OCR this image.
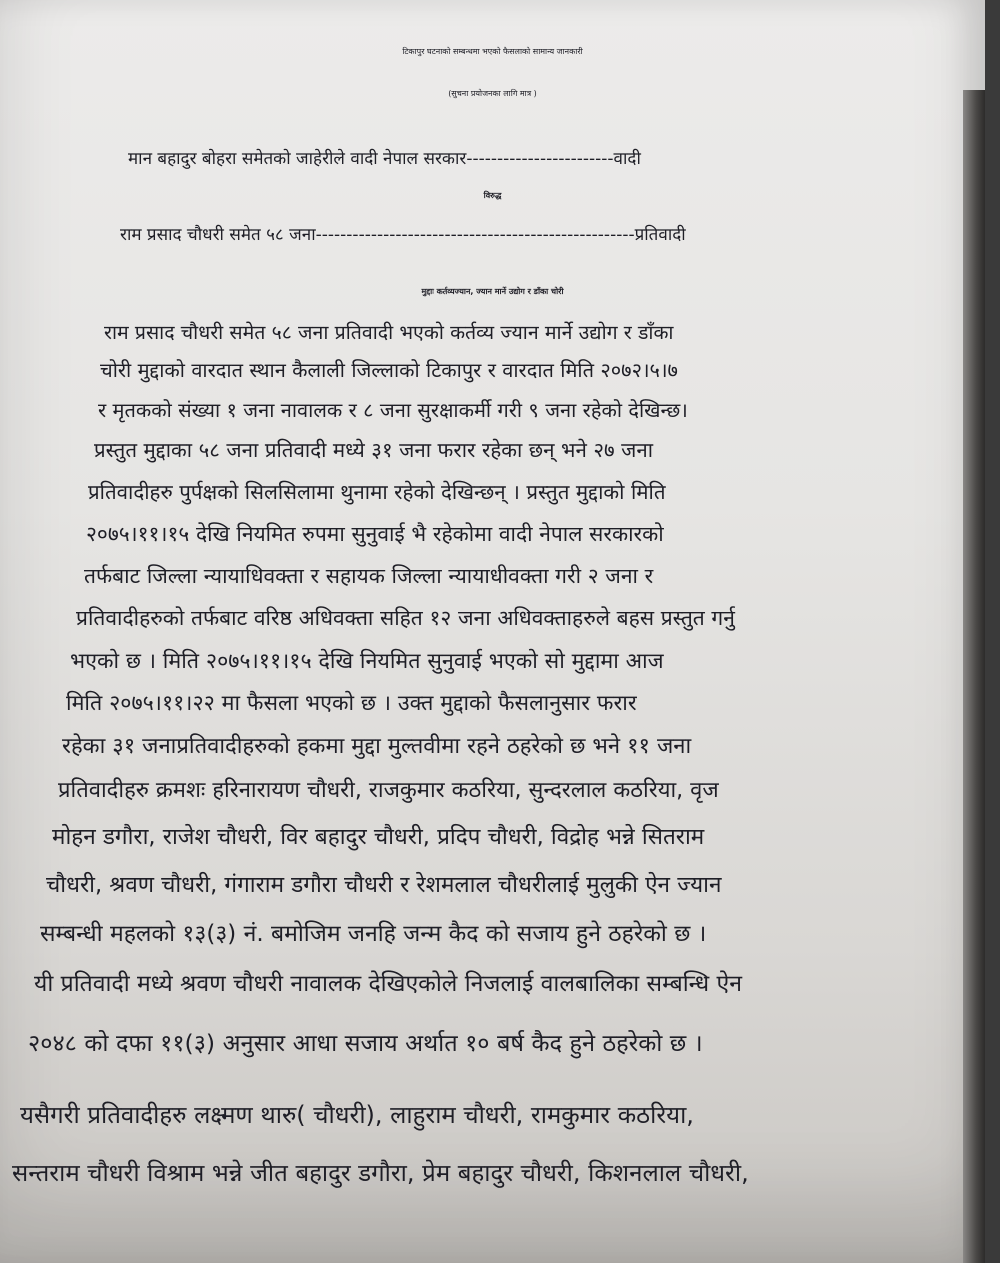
टिकापुर घटनाको सम्बन्धमा भएको फैसलाको सामान्य जानकारी
(सुचना प्रयोजनका लागि मात्र )
मान बहादुर बोहरा समेतको जाहेरीले वादी नेपाल सरकार------------------------वादी
विरुद्ध
राम प्रसाद चौधरी समेत ५८ जना----------------------------------------------------प्रतिवादी
मुद्दाः कर्तव्यज्यान, ज्यान मार्ने उद्योग र डाँका चोरी
राम प्रसाद चौधरी समेत ५८ जना प्रतिवादी भएको कर्तव्य ज्यान मार्ने उद्योग र डाँका
चोरी मुद्दाको वारदात स्थान कैलाली जिल्लाको टिकापुर र वारदात मिति २०७२।५।७
र मृतकको संख्या १ जना नावालक र ८ जना सुरक्षाकर्मी गरी ९ जना रहेको देखिन्छ।
प्रस्तुत मुद्दाका ५८ जना प्रतिवादी मध्ये ३१ जना फरार रहेका छन् भने २७ जना
प्रतिवादीहरु पुर्पक्षको सिलसिलामा थुनामा रहेको देखिन्छन् । प्रस्तुत मुद्दाको मिति
२०७५।११।१५ देखि नियमित रुपमा सुनुवाई भै रहेकोमा वादी नेपाल सरकारको
तर्फबाट जिल्ला न्यायाधिवक्ता र सहायक जिल्ला न्यायाधीवक्ता गरी २ जना र
प्रतिवादीहरुको तर्फबाट वरिष्ठ अधिवक्ता सहित १२ जना अधिवक्ताहरुले बहस प्रस्तुत गर्नु
भएको छ । मिति २०७५।११।१५ देखि नियमित सुनुवाई भएको सो मुद्दामा आज
मिति २०७५।११।२२ मा फैसला भएको छ । उक्त मुद्दाको फैसलानुसार फरार
रहेका ३१ जनाप्रतिवादीहरुको हकमा मुद्दा मुल्तवीमा रहने ठहरेको छ भने ११ जना
प्रतिवादीहरु क्रमशः हरिनारायण चौधरी, राजकुमार कठरिया, सुन्दरलाल कठरिया, वृज
मोहन डगौरा, राजेश चौधरी, विर बहादुर चौधरी, प्रदिप चौधरी, विद्रोह भन्ने सितराम
चौधरी, श्रवण चौधरी, गंगाराम डगौरा चौधरी र रेशमलाल चौधरीलाई मुलुकी ऐन ज्यान
सम्बन्धी महलको १३(३) नं. बमोजिम जनहि जन्म कैद को सजाय हुने ठहरेको छ ।
यी प्रतिवादी मध्ये श्रवण चौधरी नावालक देखिएकोले निजलाई वालबालिका सम्बन्धि ऐन
२०४८ को दफा ११(३) अनुसार आधा सजाय अर्थात १० बर्ष कैद हुने ठहरेको छ ।
यसैगरी प्रतिवादीहरु लक्ष्मण थारु( चौधरी), लाहुराम चौधरी, रामकुमार कठरिया,
सन्तराम चौधरी विश्राम भन्ने जीत बहादुर डगौरा, प्रेम बहादुर चौधरी, किशनलाल चौधरी,
